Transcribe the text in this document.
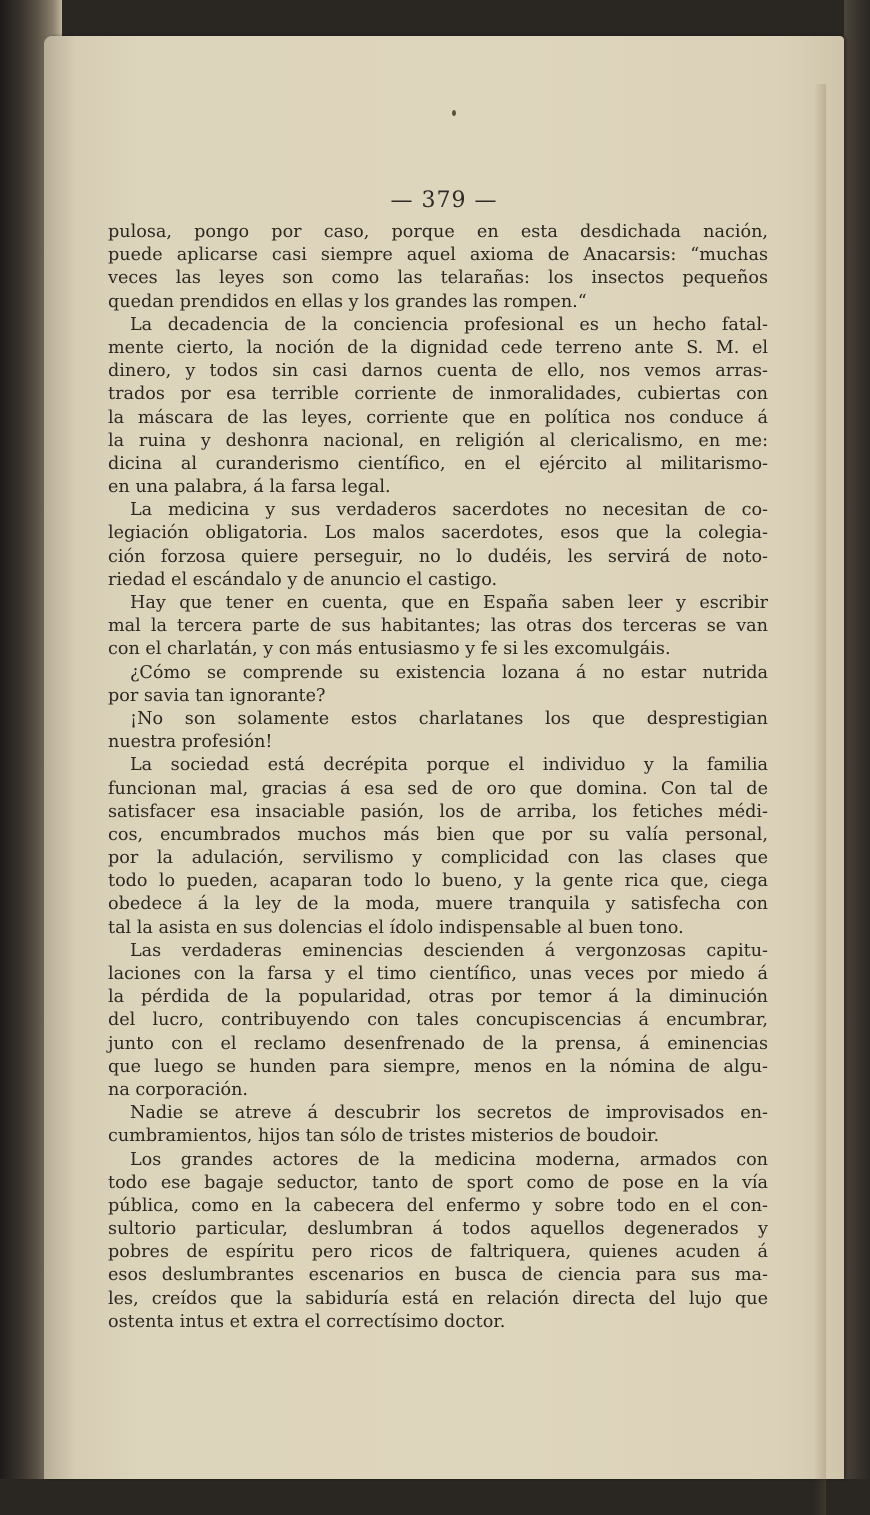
— 379 —
pulosa, pongo por caso, porque en esta desdichada nación,
puede aplicarse casi siempre aquel axioma de Anacarsis: “muchas
veces las leyes son como las telarañas: los insectos pequeños
quedan prendidos en ellas y los grandes las rompen.“
La decadencia de la conciencia profesional es un hecho fatal-
mente cierto, la noción de la dignidad cede terreno ante S. M. el
dinero, y todos sin casi darnos cuenta de ello, nos vemos arras-
trados por esa terrible corriente de inmoralidades, cubiertas con
la máscara de las leyes, corriente que en política nos conduce á
la ruina y deshonra nacional, en religión al clericalismo, en me:
dicina al curanderismo científico, en el ejército al militarismo-
en una palabra, á la farsa legal.
La medicina y sus verdaderos sacerdotes no necesitan de co-
legiación obligatoria. Los malos sacerdotes, esos que la colegia-
ción forzosa quiere perseguir, no lo dudéis, les servirá de noto-
riedad el escándalo y de anuncio el castigo.
Hay que tener en cuenta, que en España saben leer y escribir
mal la tercera parte de sus habitantes; las otras dos terceras se van
con el charlatán, y con más entusiasmo y fe si les excomulgáis.
¿Cómo se comprende su existencia lozana á no estar nutrida
por savia tan ignorante?
¡No son solamente estos charlatanes los que desprestigian
nuestra profesión!
La sociedad está decrépita porque el individuo y la familia
funcionan mal, gracias á esa sed de oro que domina. Con tal de
satisfacer esa insaciable pasión, los de arriba, los fetiches médi-
cos, encumbrados muchos más bien que por su valía personal,
por la adulación, servilismo y complicidad con las clases que
todo lo pueden, acaparan todo lo bueno, y la gente rica que, ciega
obedece á la ley de la moda, muere tranquila y satisfecha con
tal la asista en sus dolencias el ídolo indispensable al buen tono.
Las verdaderas eminencias descienden á vergonzosas capitu-
laciones con la farsa y el timo científico, unas veces por miedo á
la pérdida de la popularidad, otras por temor á la diminución
del lucro, contribuyendo con tales concupiscencias á encumbrar,
junto con el reclamo desenfrenado de la prensa, á eminencias
que luego se hunden para siempre, menos en la nómina de algu-
na corporación.
Nadie se atreve á descubrir los secretos de improvisados en-
cumbramientos, hijos tan sólo de tristes misterios de boudoir.
Los grandes actores de la medicina moderna, armados con
todo ese bagaje seductor, tanto de sport como de pose en la vía
pública, como en la cabecera del enfermo y sobre todo en el con-
sultorio particular, deslumbran á todos aquellos degenerados y
pobres de espíritu pero ricos de faltriquera, quienes acuden á
esos deslumbrantes escenarios en busca de ciencia para sus ma-
les, creídos que la sabiduría está en relación directa del lujo que
ostenta intus et extra el correctísimo doctor.
